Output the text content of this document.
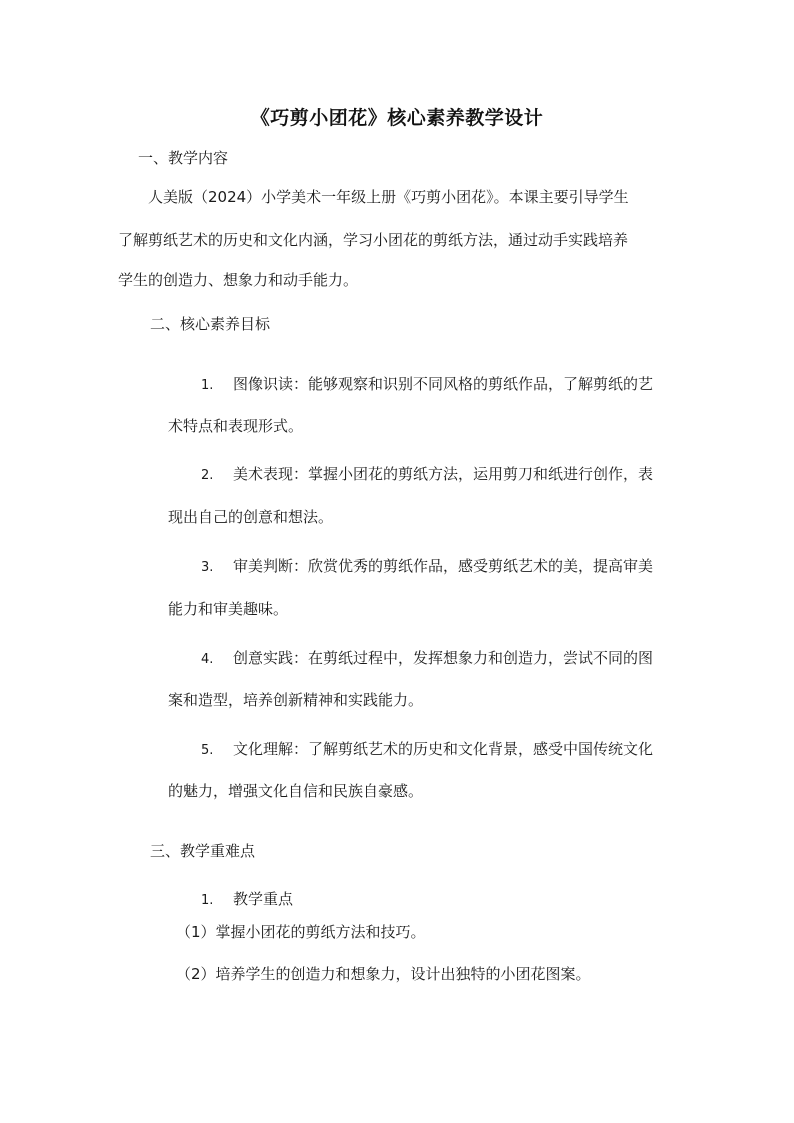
《巧剪小团花》核心素养教学设计
一、教学内容
人美版（2024）小学美术一年级上册《巧剪小团花》。本课主要引导学生
了解剪纸艺术的历史和文化内涵，学习小团花的剪纸方法，通过动手实践培养
学生的创造力、想象力和动手能力。
二、核心素养目标
1. 图像识读：能够观察和识别不同风格的剪纸作品，了解剪纸的艺
术特点和表现形式。
2. 美术表现：掌握小团花的剪纸方法，运用剪刀和纸进行创作，表
现出自己的创意和想法。
3. 审美判断：欣赏优秀的剪纸作品，感受剪纸艺术的美，提高审美
能力和审美趣味。
4. 创意实践：在剪纸过程中，发挥想象力和创造力，尝试不同的图
案和造型，培养创新精神和实践能力。
5. 文化理解：了解剪纸艺术的历史和文化背景，感受中国传统文化
的魅力，增强文化自信和民族自豪感。
三、教学重难点
1. 教学重点
（1）掌握小团花的剪纸方法和技巧。
（2）培养学生的创造力和想象力，设计出独特的小团花图案。
